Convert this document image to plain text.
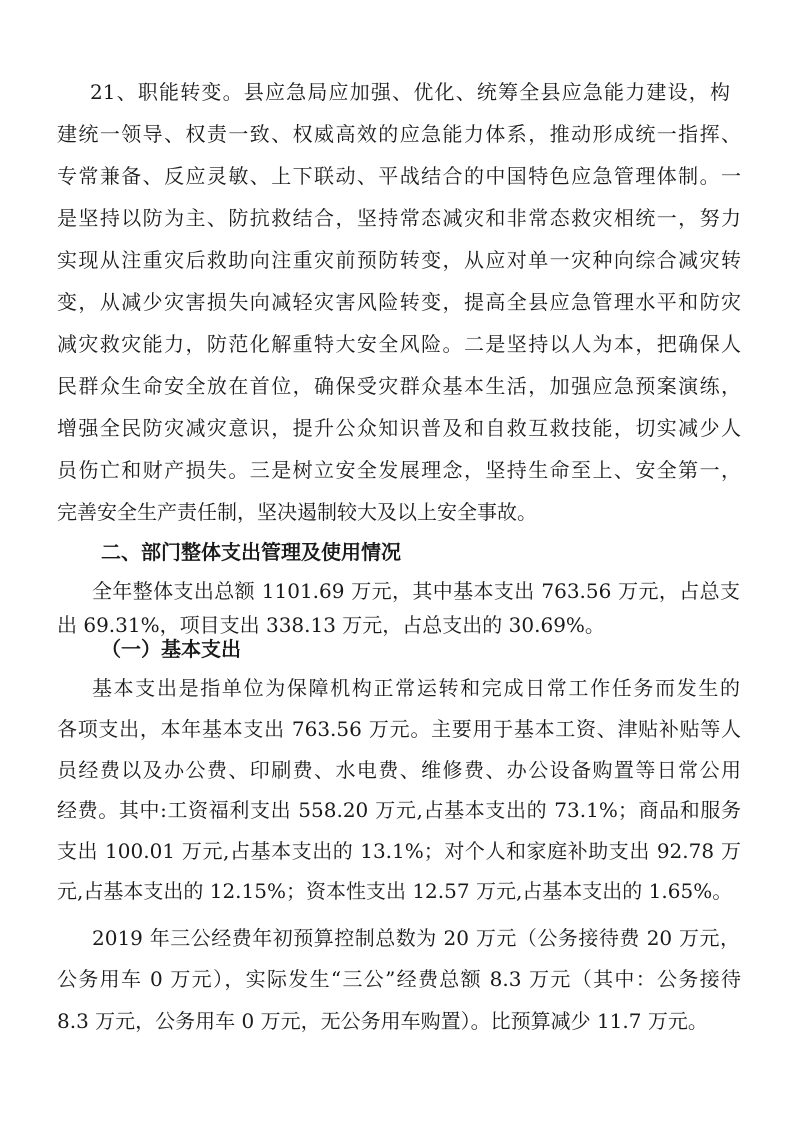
21、职能转变。县应急局应加强、优化、统筹全县应急能力建设，构
建统一领导、权责一致、权威高效的应急能力体系，推动形成统一指挥、
专常兼备、反应灵敏、上下联动、平战结合的中国特色应急管理体制。一
是坚持以防为主、防抗救结合，坚持常态减灾和非常态救灾相统一，努力
实现从注重灾后救助向注重灾前预防转变，从应对单一灾种向综合减灾转
变，从减少灾害损失向减轻灾害风险转变，提高全县应急管理水平和防灾
减灾救灾能力，防范化解重特大安全风险。二是坚持以人为本，把确保人
民群众生命安全放在首位，确保受灾群众基本生活，加强应急预案演练，
增强全民防灾减灾意识，提升公众知识普及和自救互救技能，切实减少人
员伤亡和财产损失。三是树立安全发展理念，坚持生命至上、安全第一，
完善安全生产责任制，坚决遏制较大及以上安全事故。
二、部门整体支出管理及使用情况
全年整体支出总额 1101.69 万元，其中基本支出 763.56 万元，占总支
出 69.31%，项目支出 338.13 万元，占总支出的 30.69%。
（一）基本支出
基本支出是指单位为保障机构正常运转和完成日常工作任务而发生的
各项支出，本年基本支出 763.56 万元。主要用于基本工资、津贴补贴等人
员经费以及办公费、印刷费、水电费、维修费、办公设备购置等日常公用
经费。其中:工资福利支出 558.20 万元,占基本支出的 73.1%；商品和服务
支出 100.01 万元,占基本支出的 13.1%；对个人和家庭补助支出 92.78 万
元,占基本支出的 12.15%；资本性支出 12.57 万元,占基本支出的 1.65%。
2019 年三公经费年初预算控制总数为 20 万元（公务接待费 20 万元，
公务用车 0 万元），实际发生“三公”经费总额 8.3 万元（其中：公务接待
8.3 万元，公务用车 0 万元，无公务用车购置）。比预算减少 11.7 万元。
